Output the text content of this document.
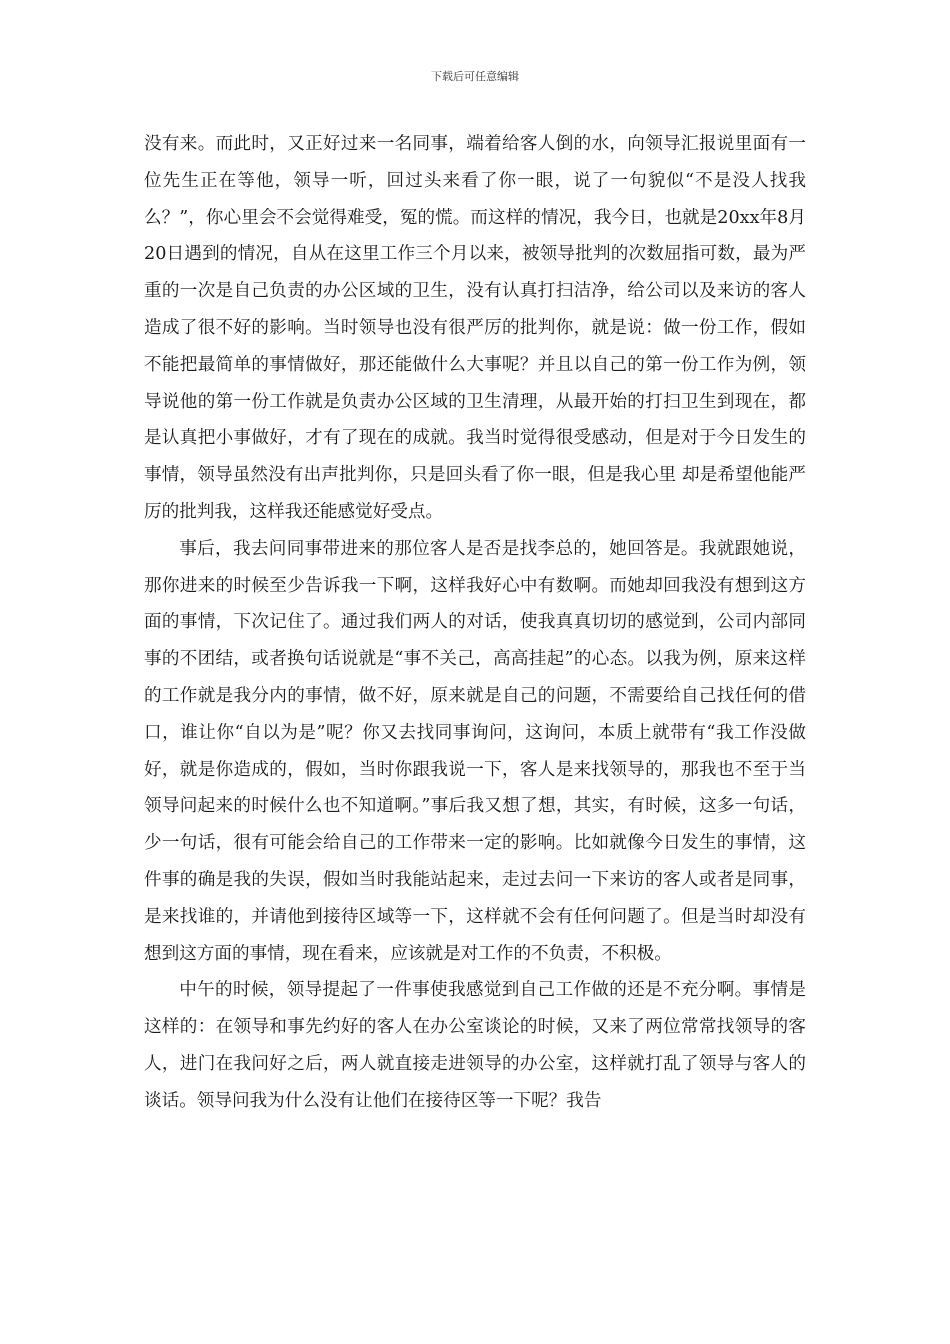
下载后可任意编辑

没有来。而此时，又正好过来一名同事，端着给客人倒的水，向领导汇报说里面有一位先生正在等他，领导一听，回过头来看了你一眼，说了一句貌似“不是没人找我么？”，你心里会不会觉得难受，冤的慌。而这样的情况，我今日，也就是20xx年8月20日遇到的情况，自从在这里工作三个月以来，被领导批判的次数屈指可数，最为严重的一次是自己负责的办公区域的卫生，没有认真打扫洁净，给公司以及来访的客人造成了很不好的影响。当时领导也没有很严厉的批判你，就是说：做一份工作，假如不能把最简单的事情做好，那还能做什么大事呢？并且以自己的第一份工作为例，领导说他的第一份工作就是负责办公区域的卫生清理，从最开始的打扫卫生到现在，都是认真把小事做好，才有了现在的成就。我当时觉得很受感动，但是对于今日发生的事情，领导虽然没有出声批判你，只是回头看了你一眼，但是我心里 却是希望他能严厉的批判我，这样我还能感觉好受点。

事后，我去问同事带进来的那位客人是否是找李总的，她回答是。我就跟她说，那你进来的时候至少告诉我一下啊，这样我好心中有数啊。而她却回我没有想到这方面的事情，下次记住了。通过我们两人的对话，使我真真切切的感觉到，公司内部同事的不团结，或者换句话说就是“事不关己，高高挂起”的心态。以我为例，原来这样的工作就是我分内的事情，做不好，原来就是自己的问题，不需要给自己找任何的借口，谁让你“自以为是”呢？你又去找同事询问，这询问，本质上就带有“我工作没做好，就是你造成的，假如，当时你跟我说一下，客人是来找领导的，那我也不至于当领导问起来的时候什么也不知道啊。”事后我又想了想，其实，有时候，这多一句话，少一句话，很有可能会给自己的工作带来一定的影响。比如就像今日发生的事情，这件事的确是我的失误，假如当时我能站起来，走过去问一下来访的客人或者是同事，是来找谁的，并请他到接待区域等一下，这样就不会有任何问题了。但是当时却没有想到这方面的事情，现在看来，应该就是对工作的不负责，不积极。

中午的时候，领导提起了一件事使我感觉到自己工作做的还是不充分啊。事情是这样的：在领导和事先约好的客人在办公室谈论的时候，又来了两位常常找领导的客人，进门在我问好之后，两人就直接走进领导的办公室，这样就打乱了领导与客人的谈话。领导问我为什么没有让他们在接待区等一下呢？我告
